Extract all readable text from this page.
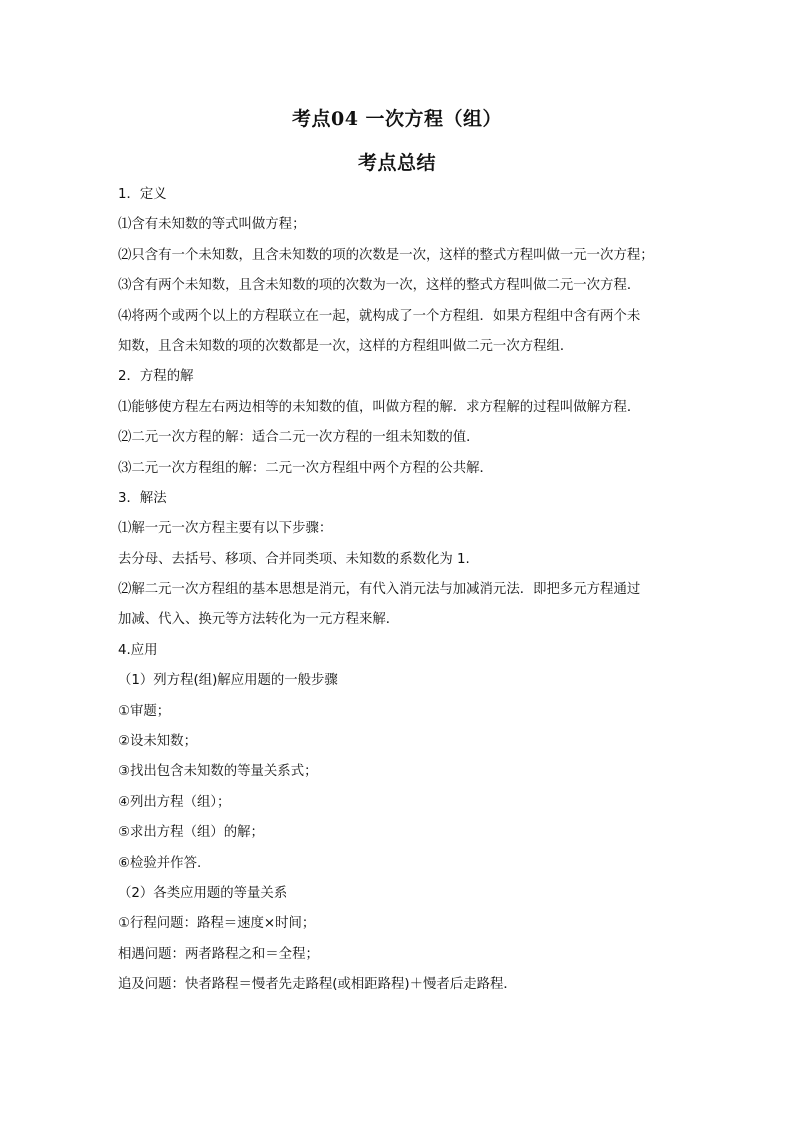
考点04 一次方程（组）
考点总结
1．定义
⑴含有未知数的等式叫做方程；
⑵只含有一个未知数，且含未知数的项的次数是一次，这样的整式方程叫做一元一次方程；
⑶含有两个未知数，且含未知数的项的次数为一次，这样的整式方程叫做二元一次方程．
⑷将两个或两个以上的方程联立在一起，就构成了一个方程组．如果方程组中含有两个未
知数，且含未知数的项的次数都是一次，这样的方程组叫做二元一次方程组．
2．方程的解
⑴能够使方程左右两边相等的未知数的值，叫做方程的解．求方程解的过程叫做解方程．
⑵二元一次方程的解：适合二元一次方程的一组未知数的值．
⑶二元一次方程组的解：二元一次方程组中两个方程的公共解．
3．解法
⑴解一元一次方程主要有以下步骤：
去分母、去括号、移项、合并同类项、未知数的系数化为 1.
⑵解二元一次方程组的基本思想是消元，有代入消元法与加减消元法．即把多元方程通过
加减、代入、换元等方法转化为一元方程来解．
4.应用
（1）列方程(组)解应用题的一般步骤
①审题；
②设未知数；
③找出包含未知数的等量关系式；
④列出方程（组）；
⑤求出方程（组）的解；
⑥检验并作答.
（2）各类应用题的等量关系
①行程问题：路程＝速度×时间；
相遇问题：两者路程之和＝全程；
追及问题：快者路程＝慢者先走路程(或相距路程)＋慢者后走路程．
